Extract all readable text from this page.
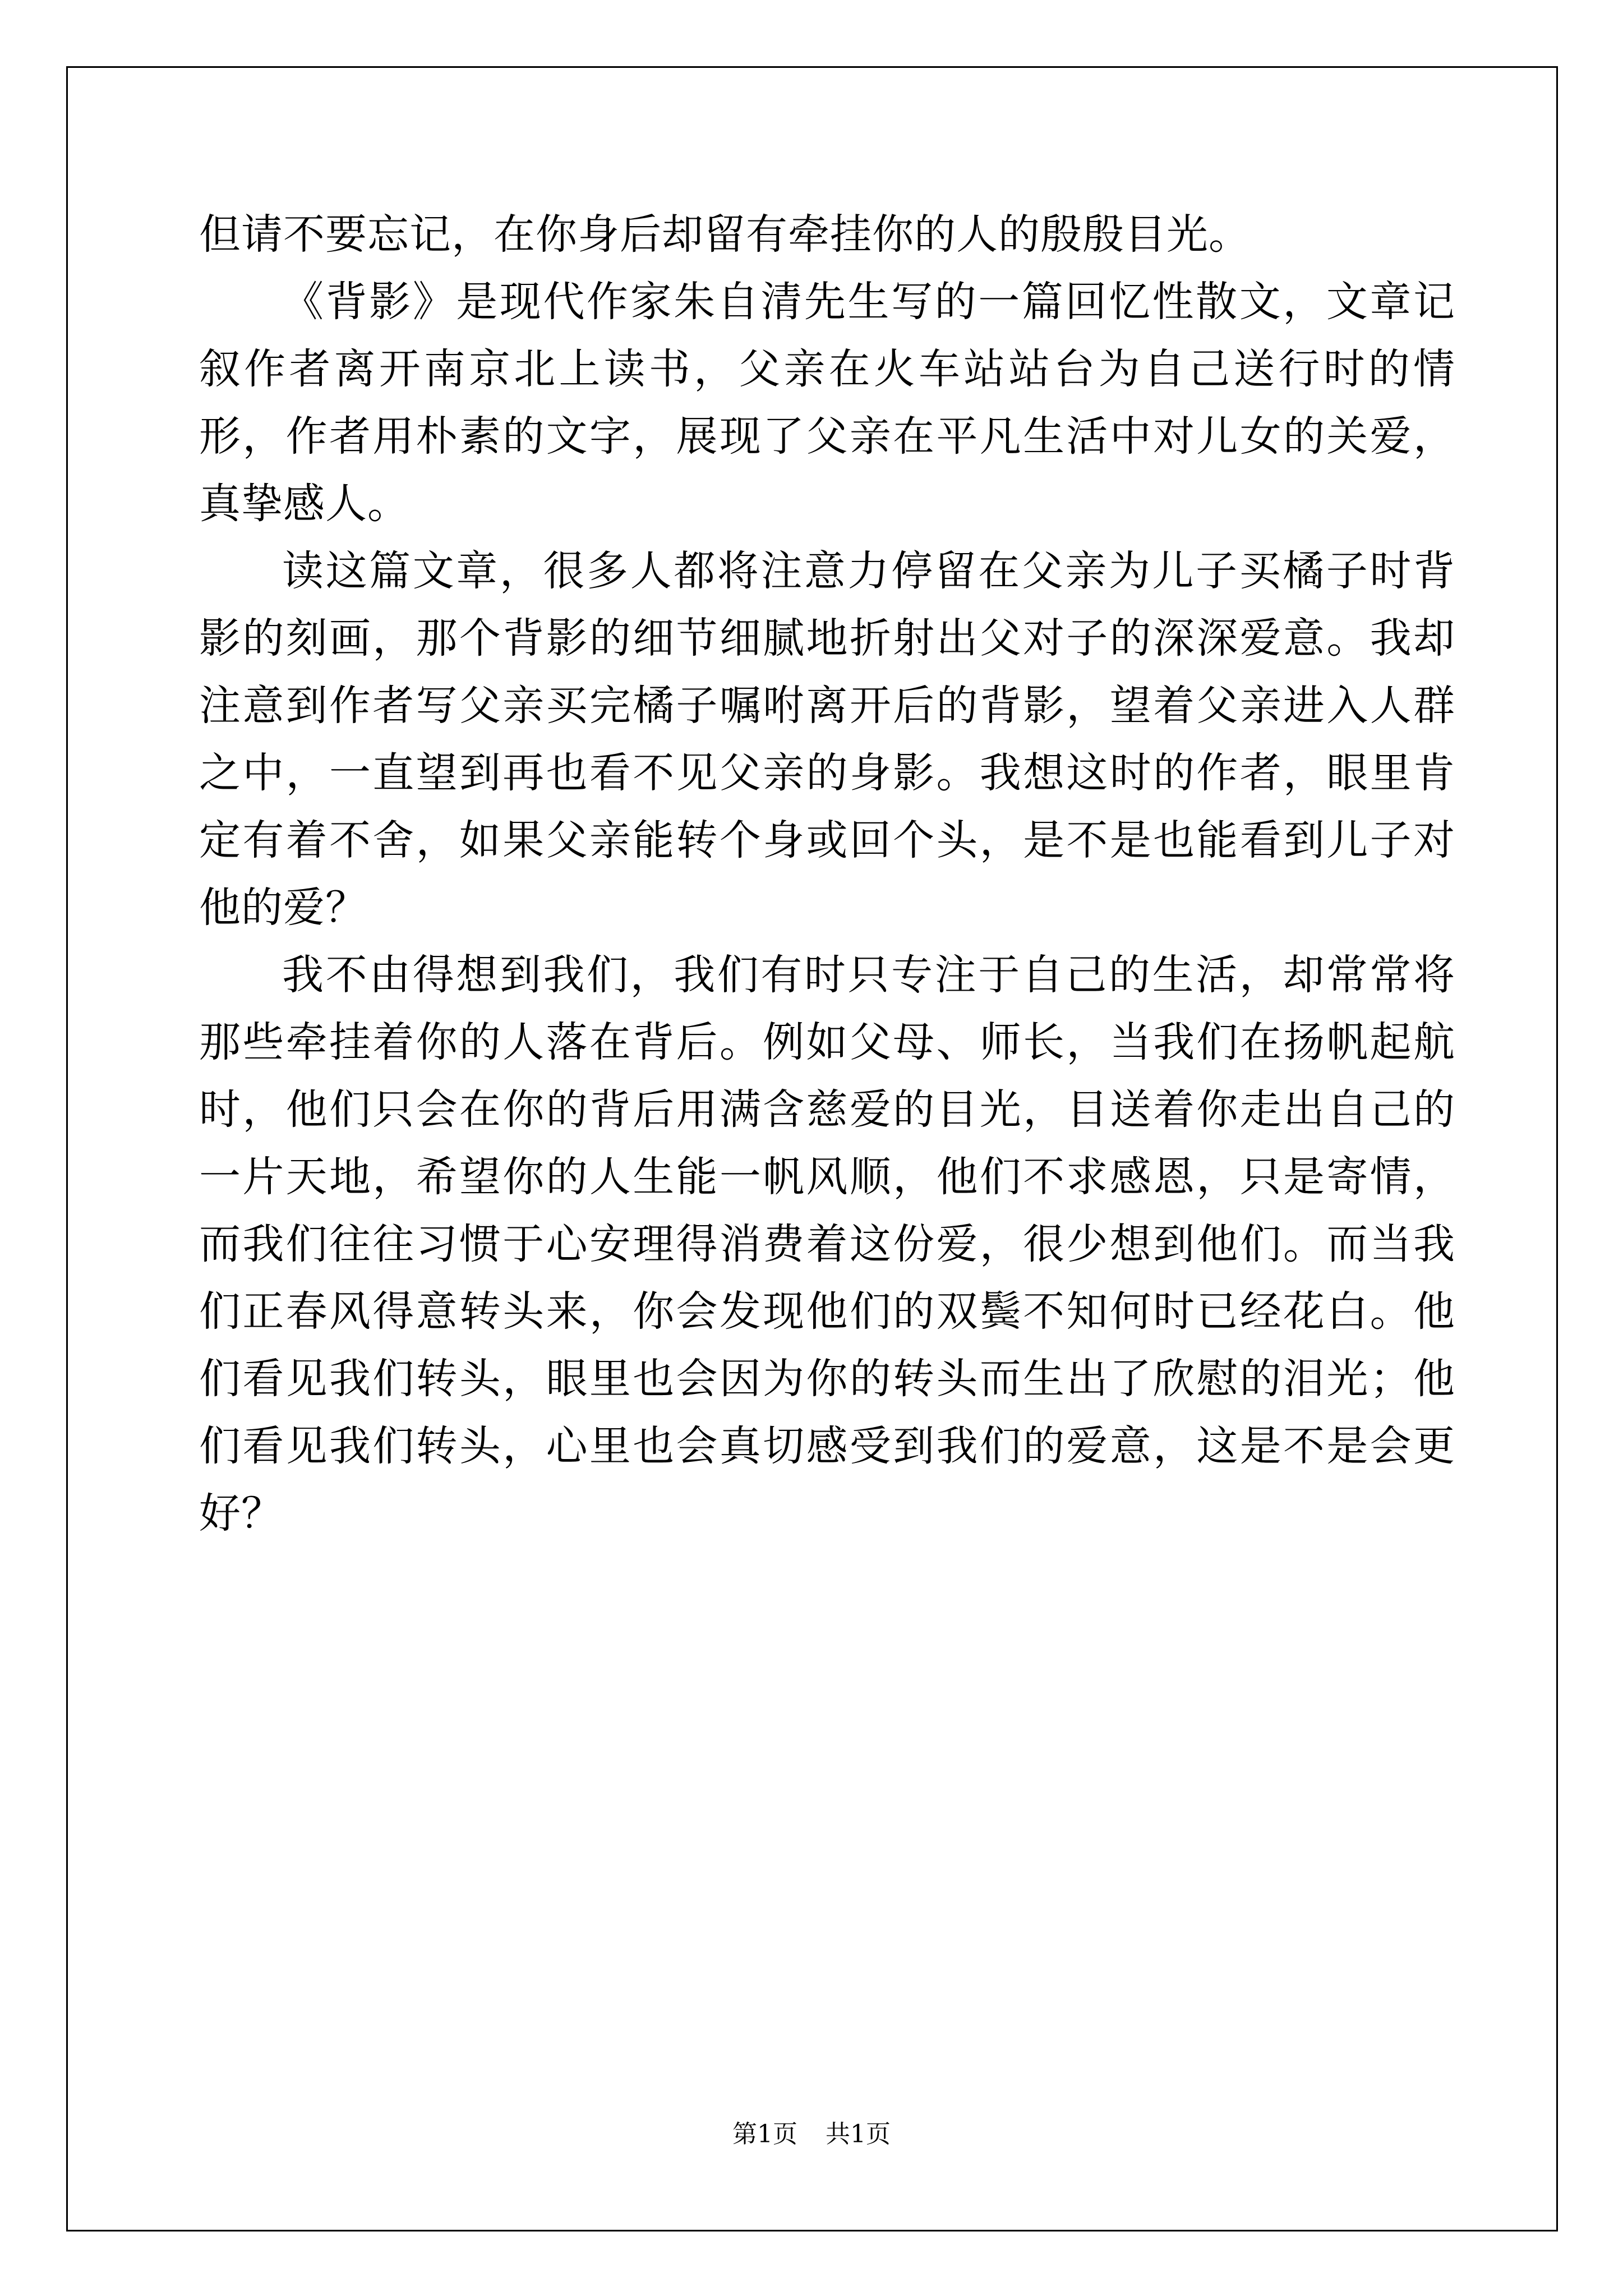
但请不要忘记，在你身后却留有牵挂你的人的殷殷目光。

《背影》是现代作家朱自清先生写的一篇回忆性散文，文章记叙作者离开南京北上读书，父亲在火车站站台为自己送行时的情形，作者用朴素的文字，展现了父亲在平凡生活中对儿女的关爱，真挚感人。

读这篇文章，很多人都将注意力停留在父亲为儿子买橘子时背影的刻画，那个背影的细节细腻地折射出父对子的深深爱意。我却注意到作者写父亲买完橘子嘱咐离开后的背影，望着父亲进入人群之中，一直望到再也看不见父亲的身影。我想这时的作者，眼里肯定有着不舍，如果父亲能转个身或回个头，是不是也能看到儿子对他的爱？

我不由得想到我们，我们有时只专注于自己的生活，却常常将那些牵挂着你的人落在背后。例如父母、师长，当我们在扬帆起航时，他们只会在你的背后用满含慈爱的目光，目送着你走出自己的一片天地，希望你的人生能一帆风顺，他们不求感恩，只是寄情，而我们往往习惯于心安理得消费着这份爱，很少想到他们。而当我们正春风得意转头来，你会发现他们的双鬓不知何时已经花白。他们看见我们转头，眼里也会因为你的转头而生出了欣慰的泪光；他们看见我们转头，心里也会真切感受到我们的爱意，这是不是会更好？

第1页 共1页
